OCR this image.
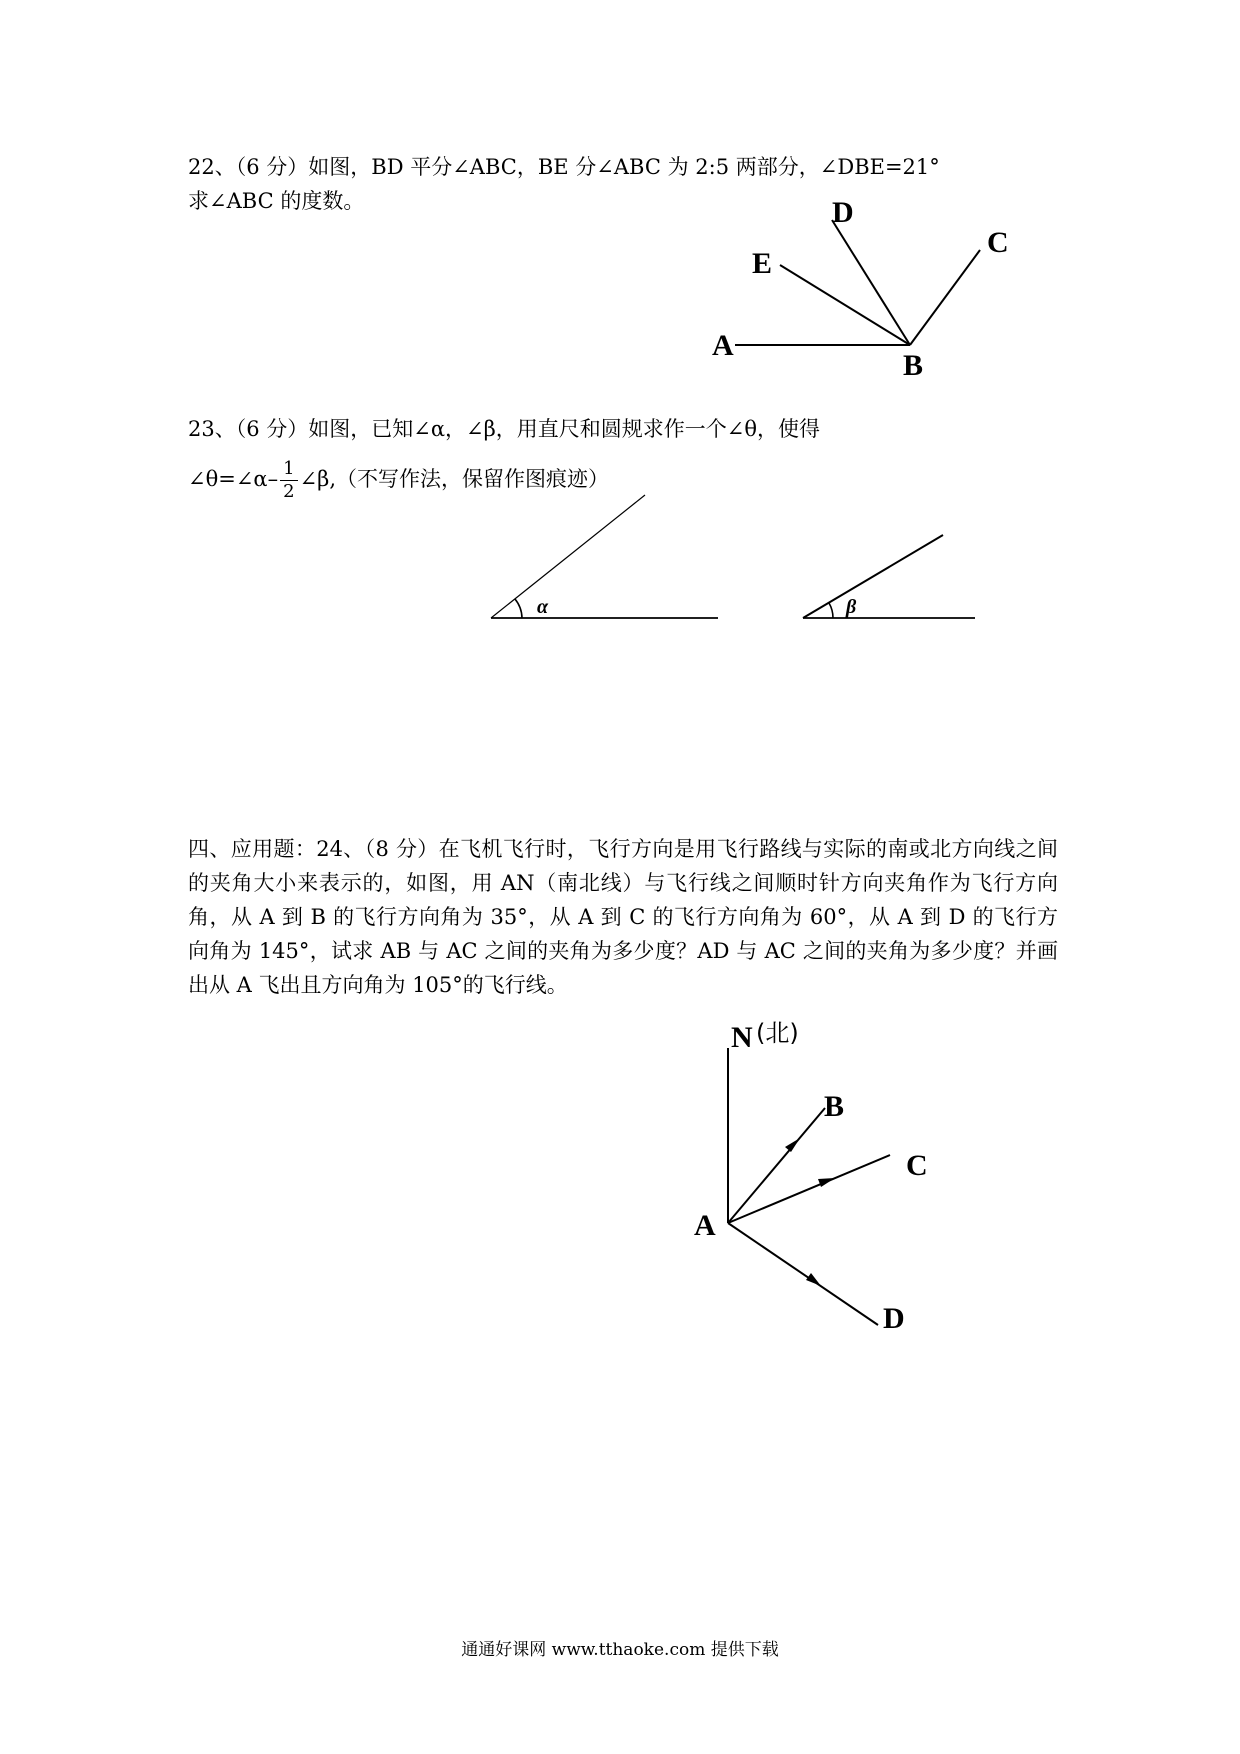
22、（6 分）如图，BD 平分∠ABC，BE 分∠ABC 为 2:5 两部分，∠DBE=21°
求∠ABC 的度数。

A
B
C
D
E
α	β
N (北)
B
C
A
D

23、（6 分）如图，已知∠α，∠β，用直尺和圆规求作一个∠θ，使得

∠θ=∠α– $\frac{1}{2}$ ∠β,（不写作法，保留作图痕迹）

四、应用题：24、（8 分）在飞机飞行时，飞行方向是用飞行路线与实际的南或北方向线之间的夹角大小来表示的，如图，用 AN（南北线）与飞行线之间顺时针方向夹角作为飞行方向角，从 A 到 B 的飞行方向角为 35°，从 A 到 C 的飞行方向角为 60°，从 A 到 D 的飞行方向角为 145°，试求 AB 与 AC 之间的夹角为多少度？AD 与 AC 之间的夹角为多少度？并画出从 A 飞出且方向角为 105°的飞行线。

通通好课网 www.tthaoke.com 提供下载
